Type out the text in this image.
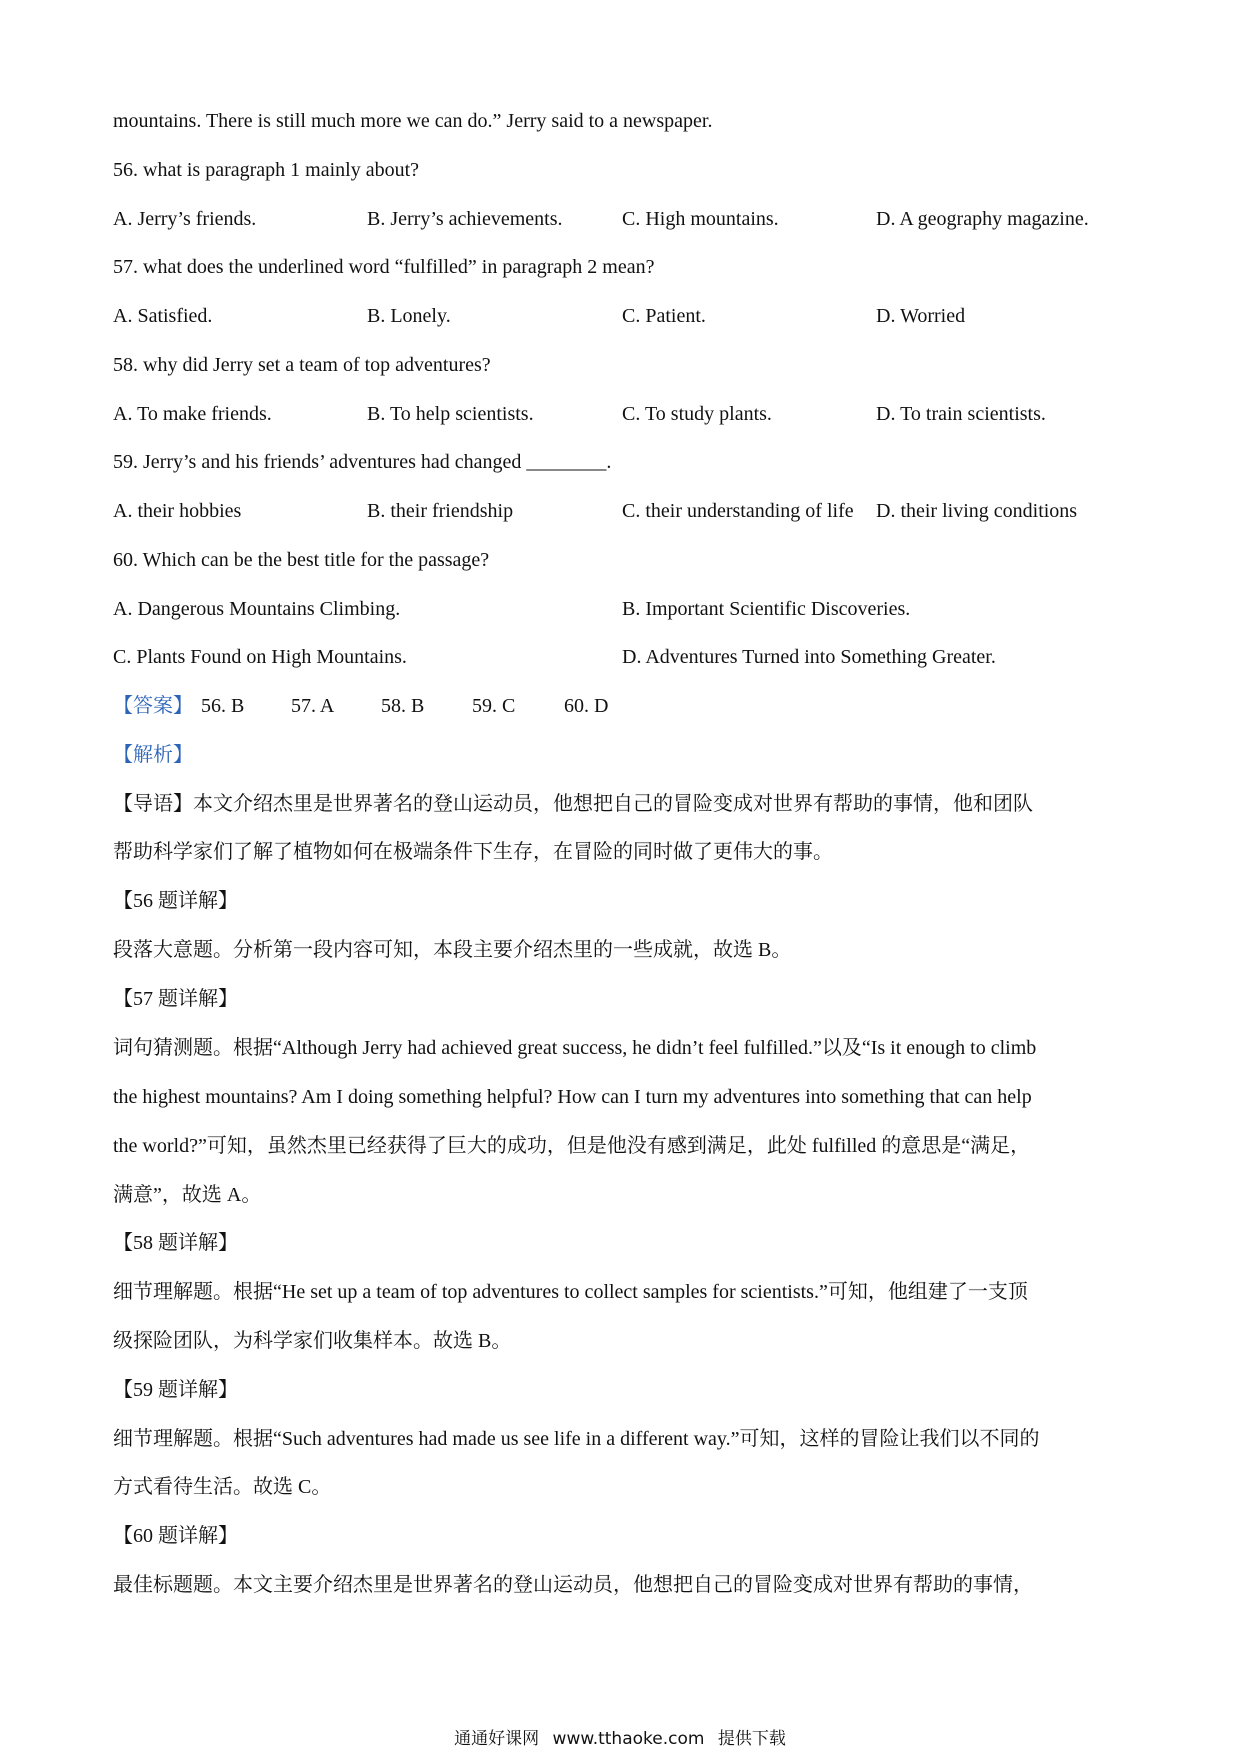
mountains. There is still much more we can do.” Jerry said to a newspaper.
56. what is paragraph 1 mainly about?
A. Jerry’s friends.	B. Jerry’s achievements.	C. High mountains.	D. A geography magazine.
57. what does the underlined word “fulfilled” in paragraph 2 mean?
A. Satisfied.	B. Lonely.	C. Patient.	D. Worried
58. why did Jerry set a team of top adventures?
A. To make friends.	B. To help scientists.	C. To study plants.	D. To train scientists.
59. Jerry’s and his friends’ adventures had changed ________.
A. their hobbies	B. their friendship	C. their understanding of life D. their living conditions
60. Which can be the best title for the passage?
A. Dangerous Mountains Climbing.	B. Important Scientific Discoveries.
C. Plants Found on High Mountains.	D. Adventures Turned into Something Greater.
【答案】 56. B 57. A 58. B 59. C 60. D
【解析】
【导语】本文介绍杰里是世界著名的登山运动员，他想把自己的冒险变成对世界有帮助的事情，他和团队
帮助科学家们了解了植物如何在极端条件下生存，在冒险的同时做了更伟大的事。
【56 题详解】
段落大意题。分析第一段内容可知，本段主要介绍杰里的一些成就，故选 B。
【57 题详解】
词句猜测题。根据“Although Jerry had achieved great success, he didn’t feel fulfilled.”以及“Is it enough to climb
the highest mountains? Am I doing something helpful? How can I turn my adventures into something that can help
the world?”可知，虽然杰里已经获得了巨大的成功，但是他没有感到满足，此处 fulfilled 的意思是“满足，
满意”，故选 A。
【58 题详解】
细节理解题。根据“He set up a team of top adventures to collect samples for scientists.”可知，他组建了一支顶
级探险团队，为科学家们收集样本。故选 B。
【59 题详解】
细节理解题。根据“Such adventures had made us see life in a different way.”可知，这样的冒险让我们以不同的
方式看待生活。故选 C。
【60 题详解】
最佳标题题。本文主要介绍杰里是世界著名的登山运动员，他想把自己的冒险变成对世界有帮助的事情，
通通好课网 www.tthaoke.com 提供下载
